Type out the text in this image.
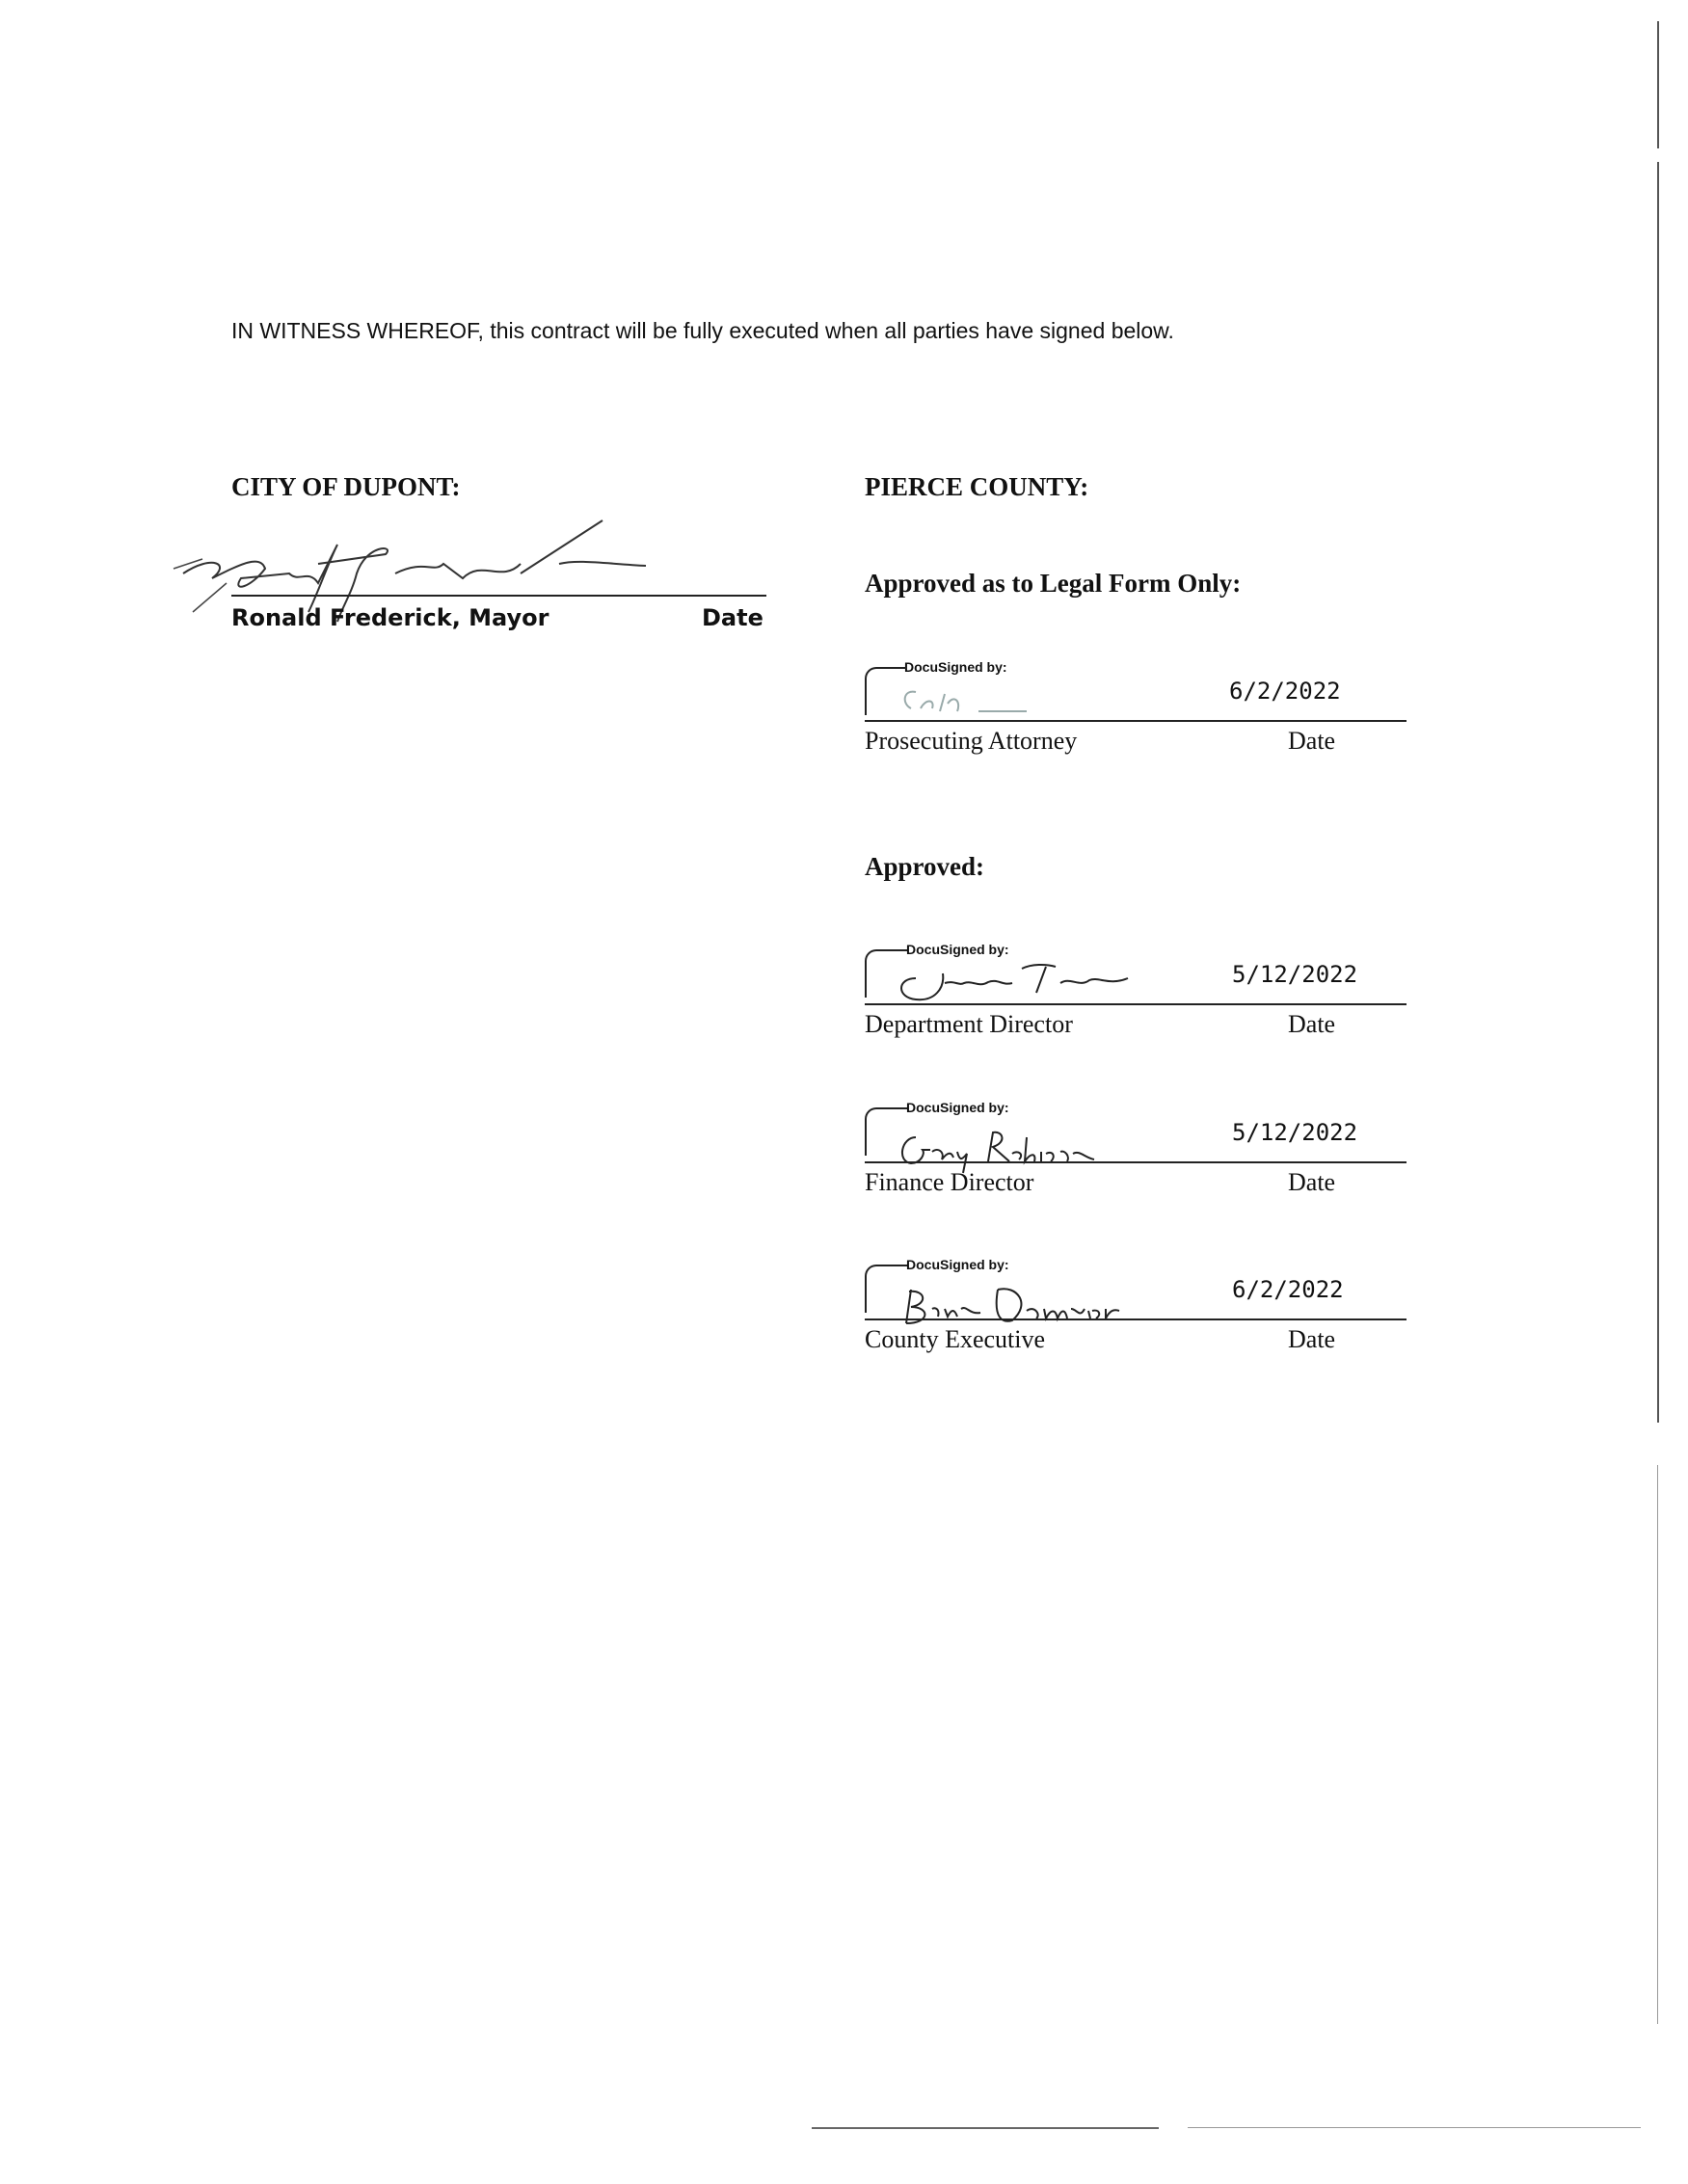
IN WITNESS WHEREOF, this contract will be fully executed when all parties have signed below.
CITY OF DUPONT:
Ronald Frederick, Mayor	Date
PIERCE COUNTY:
Approved as to Legal Form Only:
DocuSigned by:
6/2/2022
Prosecuting Attorney	Date
Approved:
DocuSigned by:
5/12/2022
Department Director	Date
DocuSigned by:
5/12/2022
Finance Director	Date
DocuSigned by:
6/2/2022
County Executive	Date
